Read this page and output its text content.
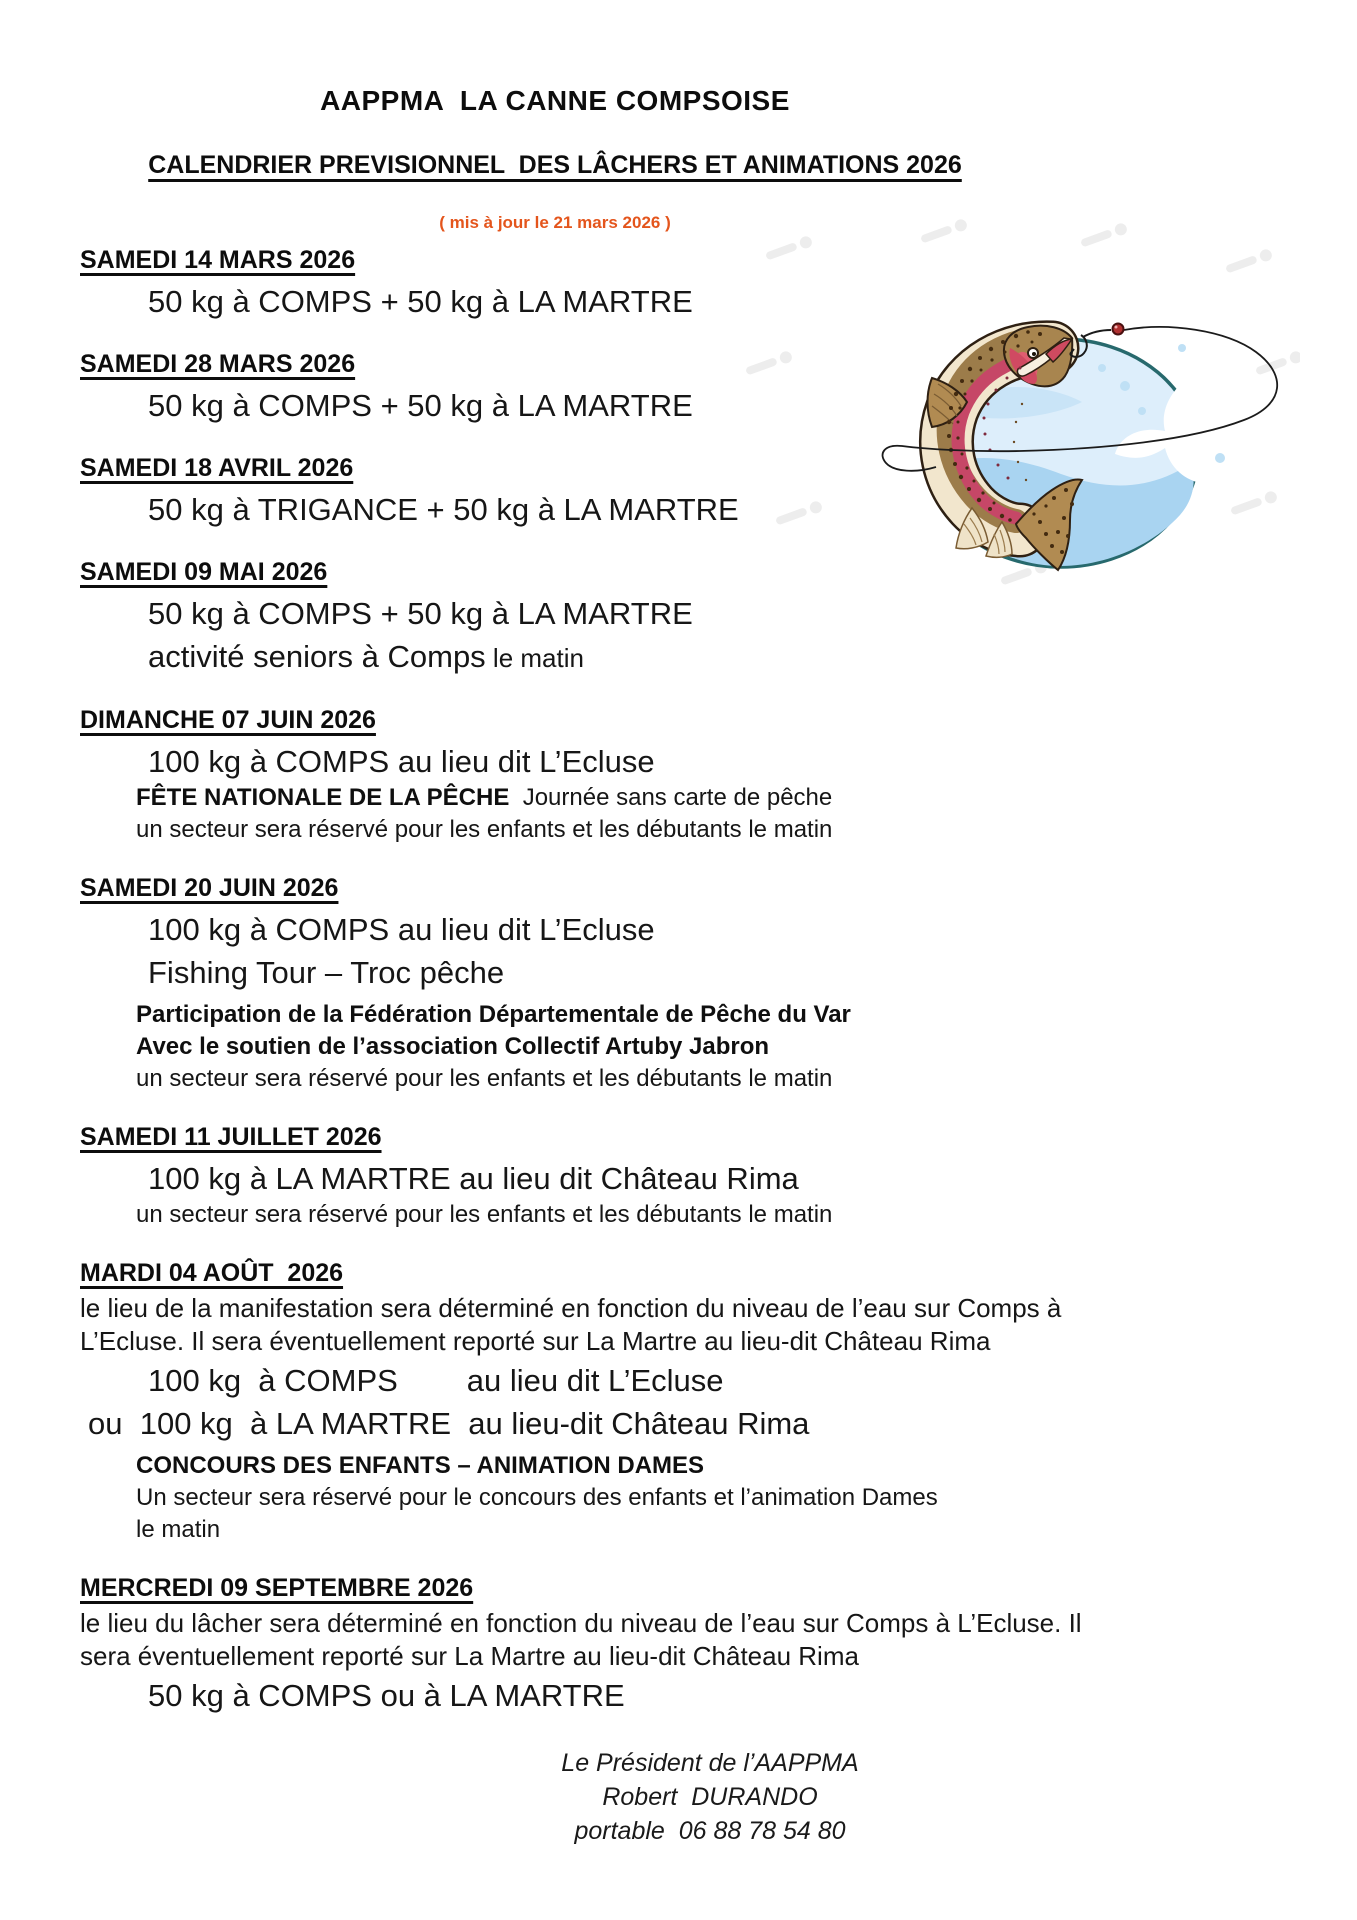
AAPPMA  LA CANNE COMPSOISE
CALENDRIER PREVISIONNEL  DES LÂCHERS ET ANIMATIONS 2026
( mis à jour le 21 mars 2026 )
SAMEDI 14 MARS 2026
50 kg à COMPS + 50 kg à LA MARTRE
SAMEDI 28 MARS 2026
50 kg à COMPS + 50 kg à LA MARTRE
SAMEDI 18 AVRIL 2026
50 kg à TRIGANCE + 50 kg à LA MARTRE
SAMEDI 09 MAI 2026
50 kg à COMPS + 50 kg à LA MARTRE
activité seniors à Comps le matin
DIMANCHE 07 JUIN 2026
100 kg à COMPS au lieu dit L’Ecluse
FÊTE NATIONALE DE LA PÊCHE  Journée sans carte de pêche
un secteur sera réservé pour les enfants et les débutants le matin
SAMEDI 20 JUIN 2026
100 kg à COMPS au lieu dit L’Ecluse
Fishing Tour – Troc pêche
Participation de la Fédération Départementale de Pêche du Var
Avec le soutien de l’association Collectif Artuby Jabron
un secteur sera réservé pour les enfants et les débutants le matin
SAMEDI 11 JUILLET 2026
100 kg à LA MARTRE au lieu dit Château Rima
un secteur sera réservé pour les enfants et les débutants le matin
MARDI 04 AOÛT  2026
le lieu de la manifestation sera déterminé en fonction du niveau de l’eau sur Comps à
L’Ecluse. Il sera éventuellement reporté sur La Martre au lieu-dit Château Rima
100 kg  à COMPS        au lieu dit L’Ecluse
ou  100 kg  à LA MARTRE  au lieu-dit Château Rima
CONCOURS DES ENFANTS – ANIMATION DAMES
Un secteur sera réservé pour le concours des enfants et l’animation Dames
le matin
MERCREDI 09 SEPTEMBRE 2026
le lieu du lâcher sera déterminé en fonction du niveau de l’eau sur Comps à L’Ecluse. Il
sera éventuellement reporté sur La Martre au lieu-dit Château Rima
50 kg à COMPS ou à LA MARTRE
Le Président de l’AAPPMA
Robert  DURANDO
portable  06 88 78 54 80
